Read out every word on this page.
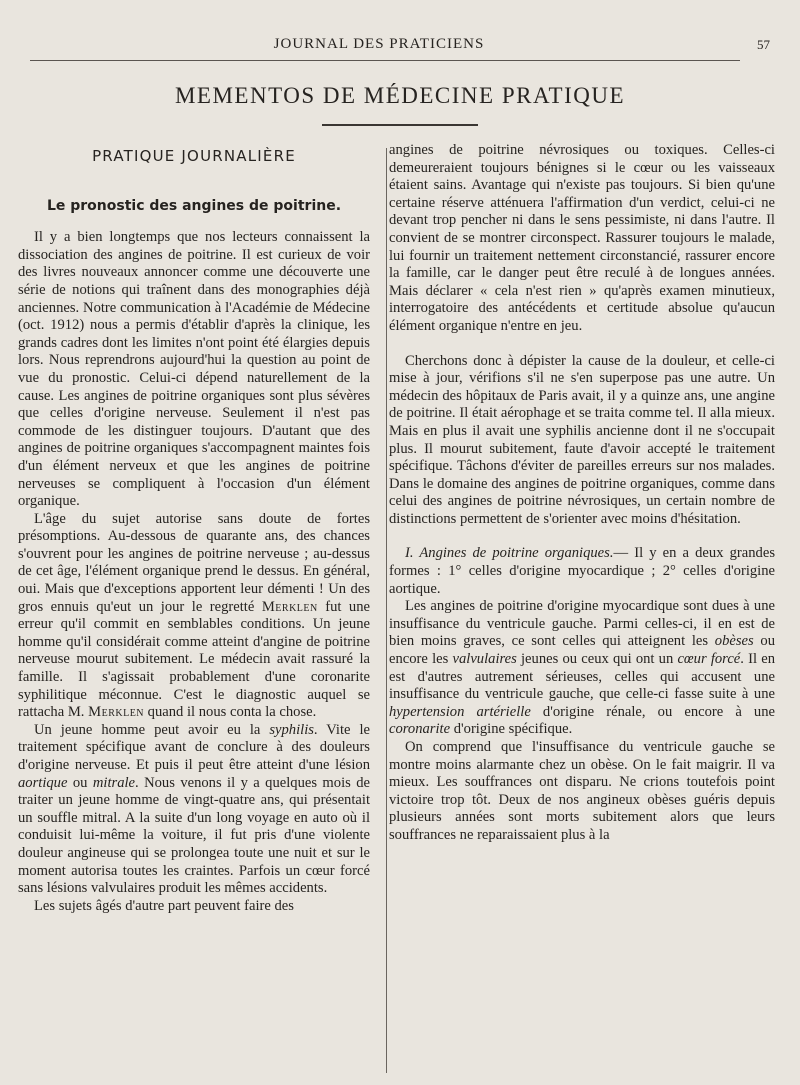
JOURNAL DES PRATICIENS	57
MEMENTOS DE MÉDECINE PRATIQUE
PRATIQUE JOURNALIÈRE
Le pronostic des angines de poitrine.

Il y a bien longtemps que nos lecteurs connaissent la dissociation des angines de poitrine. Il est curieux de voir des livres nouveaux annoncer comme une découverte une série de notions qui traînent dans des monographies déjà anciennes. Notre communication à l'Académie de Médecine (oct. 1912) nous a permis d'établir d'après la clinique, les grands cadres dont les limites n'ont point été élargies depuis lors. Nous reprendrons aujourd'hui la question au point de vue du pronostic. Celui-ci dépend naturellement de la cause. Les angines de poitrine organiques sont plus sévères que celles d'origine nerveuse. Seulement il n'est pas commode de les distinguer toujours. D'autant que des angines de poitrine organiques s'accompagnent maintes fois d'un élément nerveux et que les angines de poitrine nerveuses se compliquent à l'occasion d'un élément organique.

L'âge du sujet autorise sans doute de fortes présomptions. Au-dessous de quarante ans, des chances s'ouvrent pour les angines de poitrine nerveuse ; au-dessus de cet âge, l'élément organique prend le dessus. En général, oui. Mais que d'exceptions apportent leur démenti ! Un des gros ennuis qu'eut un jour le regretté Merklen fut une erreur qu'il commit en semblables conditions. Un jeune homme qu'il considérait comme atteint d'angine de poitrine nerveuse mourut subitement. Le médecin avait rassuré la famille. Il s'agissait probablement d'une coronarite syphilitique méconnue. C'est le diagnostic auquel se rattacha M. Merklen quand il nous conta la chose.

Un jeune homme peut avoir eu la syphilis. Vite le traitement spécifique avant de conclure à des douleurs d'origine nerveuse. Et puis il peut être atteint d'une lésion aortique ou mitrale. Nous venons il y a quelques mois de traiter un jeune homme de vingt-quatre ans, qui présentait un souffle mitral. A la suite d'un long voyage en auto où il conduisit lui-même la voiture, il fut pris d'une violente douleur angineuse qui se prolongea toute une nuit et sur le moment autorisa toutes les craintes. Parfois un cœur forcé sans lésions valvulaires produit les mêmes accidents.

Les sujets âgés d'autre part peuvent faire des

angines de poitrine névrosiques ou toxiques. Celles-ci demeureraient toujours bénignes si le cœur ou les vaisseaux étaient sains. Avantage qui n'existe pas toujours. Si bien qu'une certaine réserve atténuera l'affirmation d'un verdict, celui-ci ne devant trop pencher ni dans le sens pessimiste, ni dans l'autre. Il convient de se montrer circonspect. Rassurer toujours le malade, lui fournir un traitement nettement circonstancié, rassurer encore la famille, car le danger peut être reculé à de longues années. Mais déclarer « cela n'est rien » qu'après examen minutieux, interrogatoire des antécédents et certitude absolue qu'aucun élément organique n'entre en jeu.

Cherchons donc à dépister la cause de la douleur, et celle-ci mise à jour, vérifions s'il ne s'en superpose pas une autre. Un médecin des hôpitaux de Paris avait, il y a quinze ans, une angine de poitrine. Il était aérophage et se traita comme tel. Il alla mieux. Mais en plus il avait une syphilis ancienne dont il ne s'occupait plus. Il mourut subitement, faute d'avoir accepté le traitement spécifique. Tâchons d'éviter de pareilles erreurs sur nos malades. Dans le domaine des angines de poitrine organiques, comme dans celui des angines de poitrine névrosiques, un certain nombre de distinctions permettent de s'orienter avec moins d'hésitation.

I. Angines de poitrine organiques.— Il y en a deux grandes formes : 1° celles d'origine myocardique ; 2° celles d'origine aortique.

Les angines de poitrine d'origine myocardique sont dues à une insuffisance du ventricule gauche. Parmi celles-ci, il en est de bien moins graves, ce sont celles qui atteignent les obèses ou encore les valvulaires jeunes ou ceux qui ont un cœur forcé. Il en est d'autres autrement sérieuses, celles qui accusent une insuffisance du ventricule gauche, que celle-ci fasse suite à une hypertension artérielle d'origine rénale, ou encore à une coronarite d'origine spécifique.

On comprend que l'insuffisance du ventricule gauche se montre moins alarmante chez un obèse. On le fait maigrir. Il va mieux. Les souffrances ont disparu. Ne crions toutefois point victoire trop tôt. Deux de nos angineux obèses guéris depuis plusieurs années sont morts subitement alors que leurs souffrances ne reparaissaient plus à la
